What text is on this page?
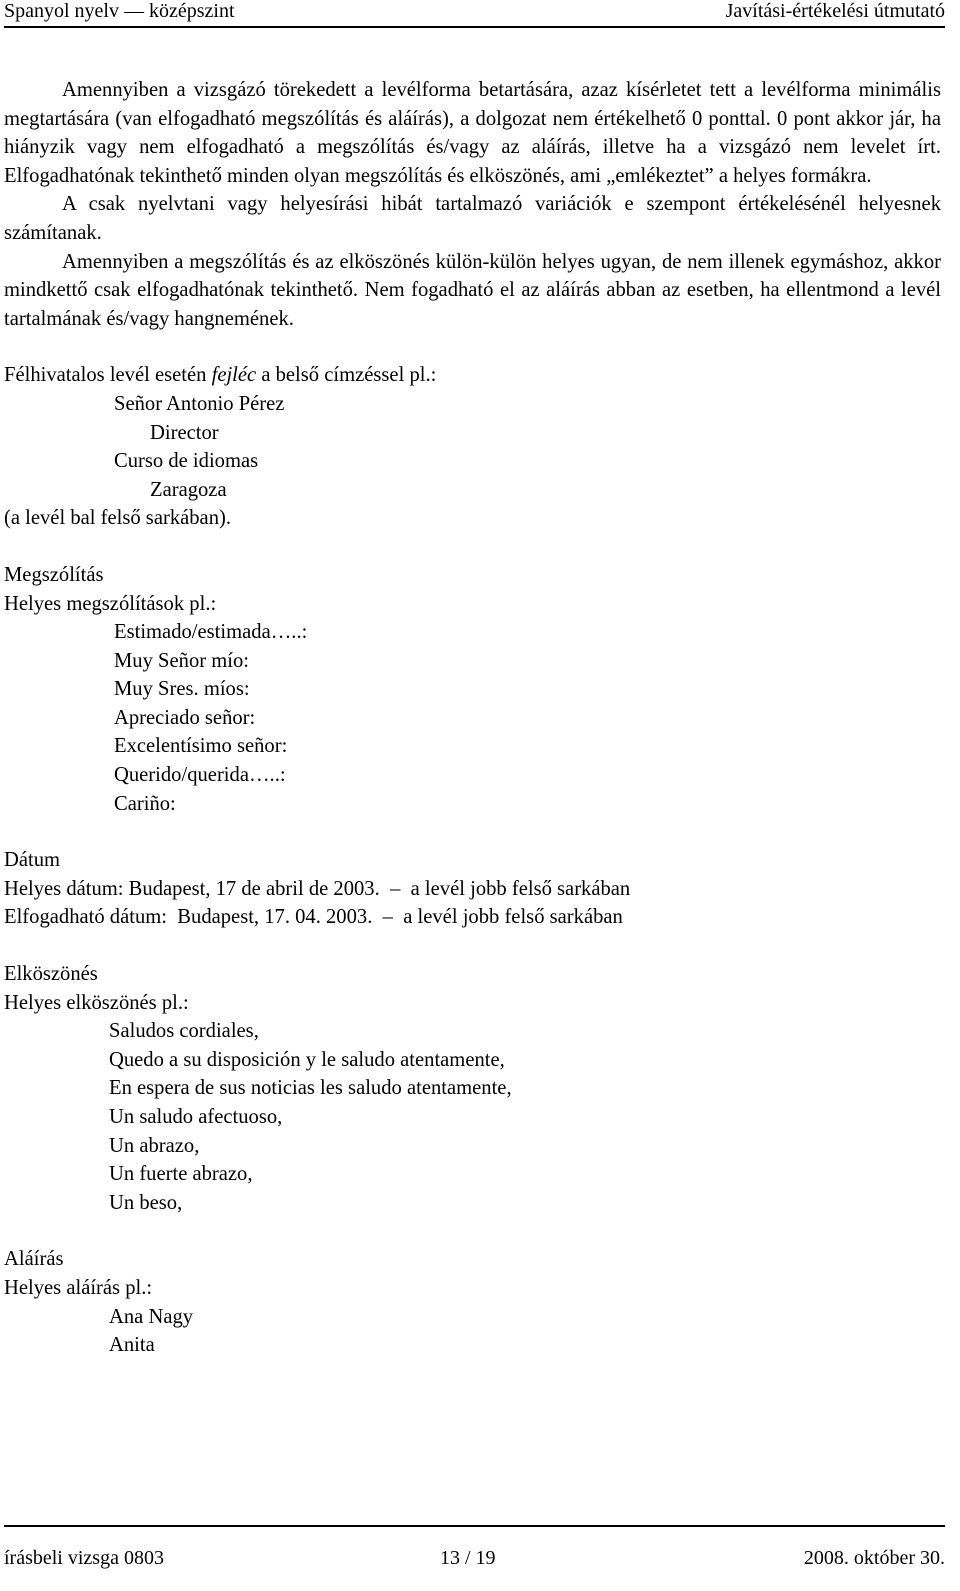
Spanyol nyelv — középszint	Javítási-értékelési útmutató

Amennyiben a vizsgázó törekedett a levélforma betartására, azaz kísérletet tett a levélforma minimális megtartására (van elfogadható megszólítás és aláírás), a dolgozat nem értékelhető 0 ponttal. 0 pont akkor jár, ha hiányzik vagy nem elfogadható a megszólítás és/vagy az aláírás, illetve ha a vizsgázó nem levelet írt. Elfogadhatónak tekinthető minden olyan megszólítás és elköszönés, ami „emlékeztet” a helyes formákra.

A csak nyelvtani vagy helyesírási hibát tartalmazó variációk e szempont értékelésénél helyesnek számítanak.

Amennyiben a megszólítás és az elköszönés külön-külön helyes ugyan, de nem illenek egymáshoz, akkor mindkettő csak elfogadhatónak tekinthető. Nem fogadható el az aláírás abban az esetben, ha ellentmond a levél tartalmának és/vagy hangnemének.

Félhivatalos levél esetén fejléc a belső címzéssel pl.:

Señor Antonio Pérez

Director

Curso de idiomas

Zaragoza

(a levél bal felső sarkában).

Megszólítás

Helyes megszólítások pl.:

Estimado/estimada…..:

Muy Señor mío:

Muy Sres. míos:

Apreciado señor:

Excelentísimo señor:

Querido/querida…..:

Cariño:

Dátum

Helyes dátum: Budapest, 17 de abril de 2003.  –  a levél jobb felső sarkában

Elfogadható dátum:  Budapest, 17. 04. 2003.  –  a levél jobb felső sarkában

Elköszönés

Helyes elköszönés pl.:

Saludos cordiales,

Quedo a su disposición y le saludo atentamente,

En espera de sus noticias les saludo atentamente,

Un saludo afectuoso,

Un abrazo,

Un fuerte abrazo,

Un beso,

Aláírás

Helyes aláírás pl.:

Ana Nagy

Anita

írásbeli vizsga 0803	13 / 19	2008. október 30.
